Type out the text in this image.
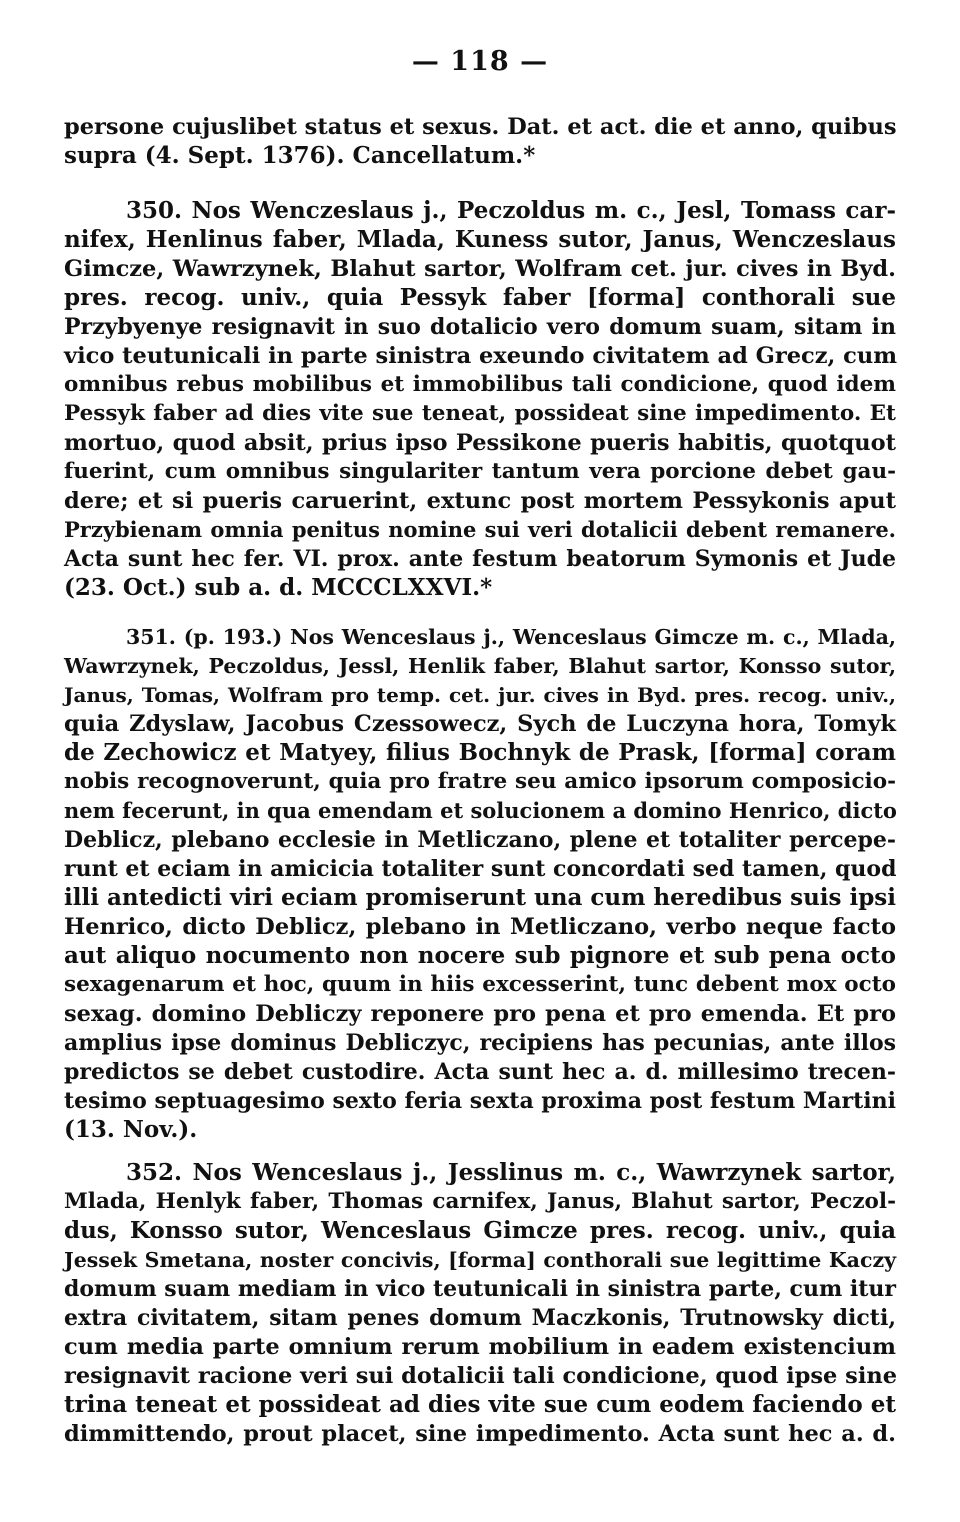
— 118 —
persone cujuslibet status et sexus. Dat. et act. die et anno, quibus
supra (4. Sept. 1376). Cancellatum.*
350. Nos Wenczeslaus j., Peczoldus m. c., Jesl, Tomass car-
nifex, Henlinus faber, Mlada, Kuness sutor, Janus, Wenczeslaus
Gimcze, Wawrzynek, Blahut sartor, Wolfram cet. jur. cives in Byd.
pres. recog. univ., quia Pessyk faber [forma] conthorali sue
Przybyenye resignavit in suo dotalicio vero domum suam, sitam in
vico teutunicali in parte sinistra exeundo civitatem ad Grecz, cum
omnibus rebus mobilibus et immobilibus tali condicione, quod idem
Pessyk faber ad dies vite sue teneat, possideat sine impedimento. Et
mortuo, quod absit, prius ipso Pessikone pueris habitis, quotquot
fuerint, cum omnibus singulariter tantum vera porcione debet gau-
dere; et si pueris caruerint, extunc post mortem Pessykonis aput
Przybienam omnia penitus nomine sui veri dotalicii debent remanere.
Acta sunt hec fer. VI. prox. ante festum beatorum Symonis et Jude
(23. Oct.) sub a. d. MCCCLXXVI.*
351. (p. 193.) Nos Wenceslaus j., Wenceslaus Gimcze m. c., Mlada,
Wawrzynek, Peczoldus, Jessl, Henlik faber, Blahut sartor, Konsso sutor,
Janus, Tomas, Wolfram pro temp. cet. jur. cives in Byd. pres. recog. univ.,
quia Zdyslaw, Jacobus Czessowecz, Sych de Luczyna hora, Tomyk
de Zechowicz et Matyey, filius Bochnyk de Prask, [forma] coram
nobis recognoverunt, quia pro fratre seu amico ipsorum composicio-
nem fecerunt, in qua emendam et solucionem a domino Henrico, dicto
Deblicz, plebano ecclesie in Metliczano, plene et totaliter percepe-
runt et eciam in amicicia totaliter sunt concordati sed tamen, quod
illi antedicti viri eciam promiserunt una cum heredibus suis ipsi
Henrico, dicto Deblicz, plebano in Metliczano, verbo neque facto
aut aliquo nocumento non nocere sub pignore et sub pena octo
sexagenarum et hoc, quum in hiis excesserint, tunc debent mox octo
sexag. domino Debliczy reponere pro pena et pro emenda. Et pro
amplius ipse dominus Debliczyc, recipiens has pecunias, ante illos
predictos se debet custodire. Acta sunt hec a. d. millesimo trecen-
tesimo septuagesimo sexto feria sexta proxima post festum Martini
(13. Nov.).
352. Nos Wenceslaus j., Jesslinus m. c., Wawrzynek sartor,
Mlada, Henlyk faber, Thomas carnifex, Janus, Blahut sartor, Peczol-
dus, Konsso sutor, Wenceslaus Gimcze pres. recog. univ., quia
Jessek Smetana, noster concivis, [forma] conthorali sue legittime Kaczy
domum suam mediam in vico teutunicali in sinistra parte, cum itur
extra civitatem, sitam penes domum Maczkonis, Trutnowsky dicti,
cum media parte omnium rerum mobilium in eadem existencium
resignavit racione veri sui dotalicii tali condicione, quod ipse sine
trina teneat et possideat ad dies vite sue cum eodem faciendo et
dimmittendo, prout placet, sine impedimento. Acta sunt hec a. d.
